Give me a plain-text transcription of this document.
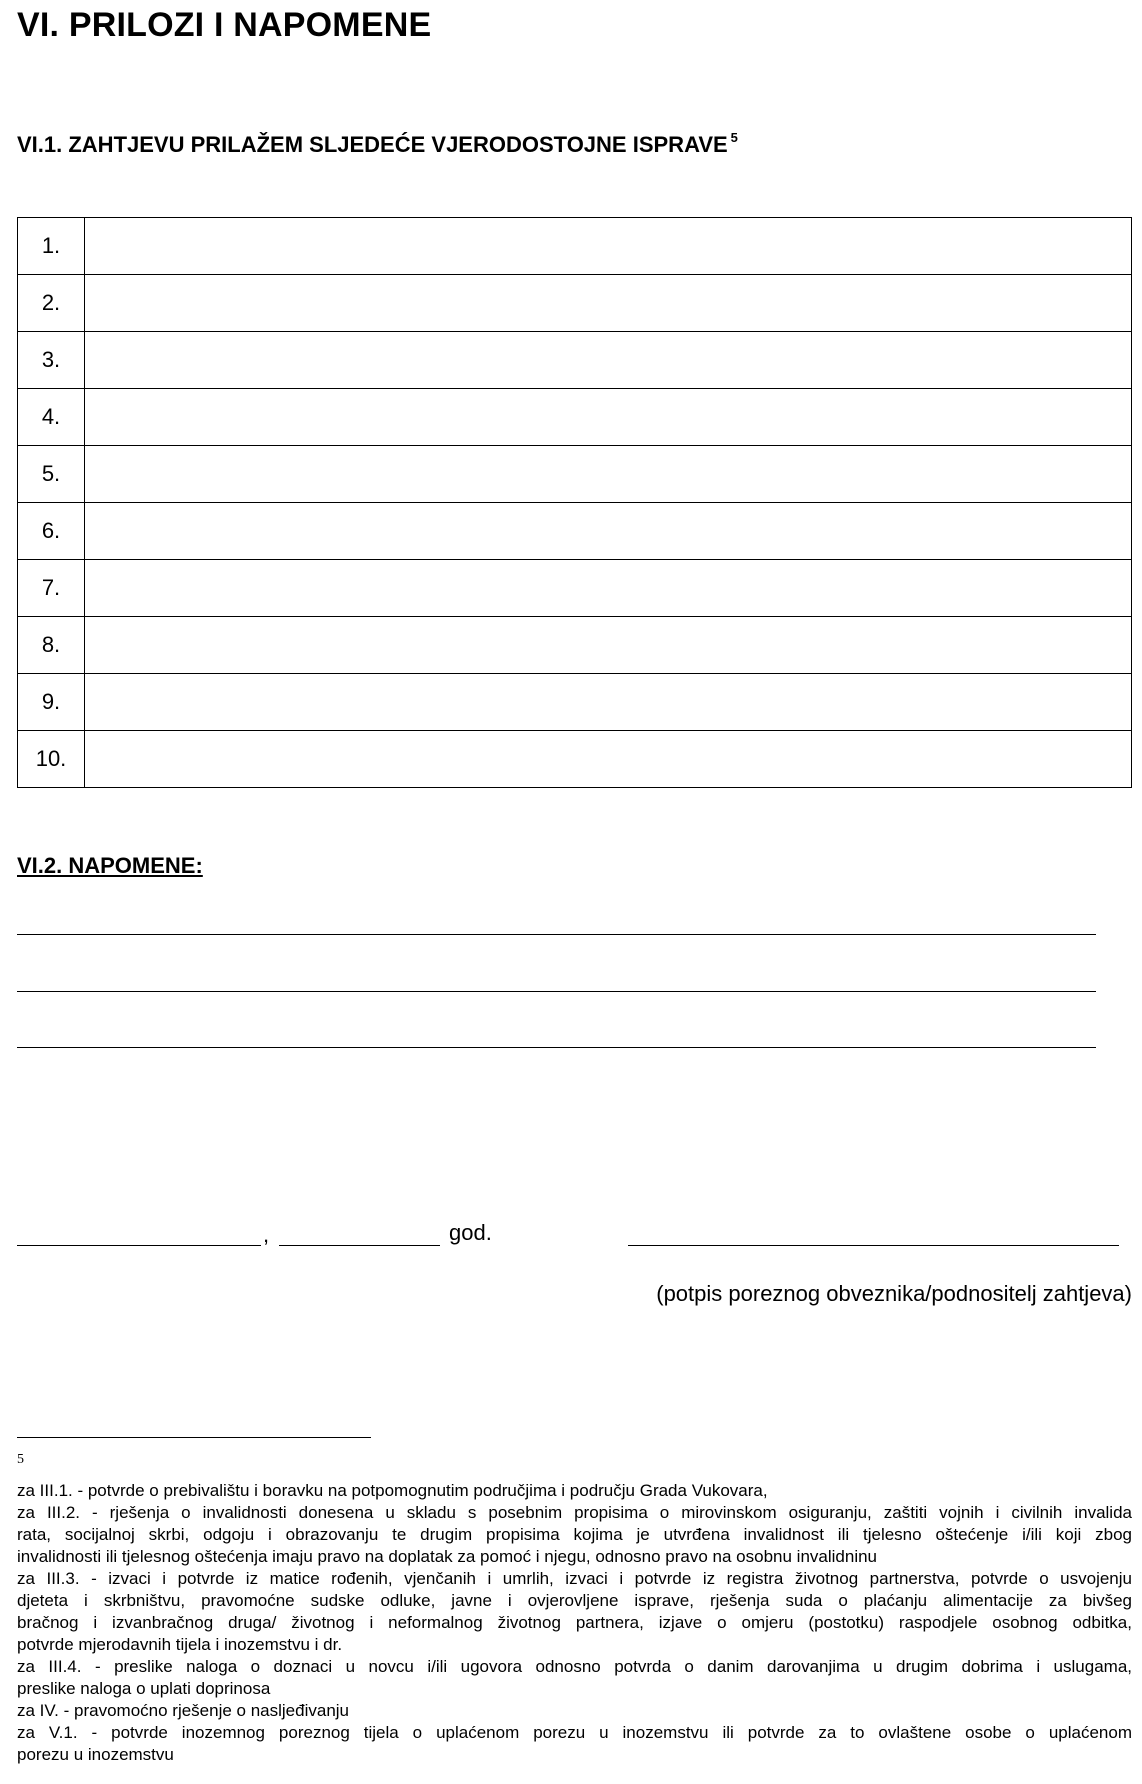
VI. PRILOZI I NAPOMENE
VI.1. ZAHTJEVU PRILAŽEM SLJEDEĆE VJERODOSTOJNE ISPRAVE $^5$
1.	
2.	
3.	
4.	
5.	
6.	
7.	
8.	
9.	
10.	
VI.2. NAPOMENE:
,	god.
(potpis poreznog obveznika/podnositelj zahtjeva)
5
za III.1. - potvrde o prebivalištu i boravku na potpomognutim područjima i području Grada Vukovara,
za III.2. - rješenja o invalidnosti donesena u skladu s posebnim propisima o mirovinskom osiguranju, zaštiti vojnih i civilnih invalida
rata, socijalnoj skrbi, odgoju i obrazovanju te drugim propisima kojima je utvrđena invalidnost ili tjelesno oštećenje i/ili koji zbog
invalidnosti ili tjelesnog oštećenja imaju pravo na doplatak za pomoć i njegu, odnosno pravo na osobnu invalidninu
za III.3. - izvaci i potvrde iz matice rođenih, vjenčanih i umrlih, izvaci i potvrde iz registra životnog partnerstva, potvrde o usvojenju
djeteta i skrbništvu, pravomoćne sudske odluke, javne i ovjerovljene isprave, rješenja suda o plaćanju alimentacije za bivšeg
bračnog i izvanbračnog druga/ životnog i neformalnog životnog partnera, izjave o omjeru (postotku) raspodjele osobnog odbitka,
potvrde mjerodavnih tijela i inozemstvu i dr.
za III.4. - preslike naloga o doznaci u novcu i/ili ugovora odnosno potvrda o danim darovanjima u drugim dobrima i uslugama,
preslike naloga o uplati doprinosa
za IV. - pravomoćno rješenje o nasljeđivanju
za V.1. - potvrde inozemnog poreznog tijela o uplaćenom porezu u inozemstvu ili potvrde za to ovlaštene osobe o uplaćenom
porezu u inozemstvu
